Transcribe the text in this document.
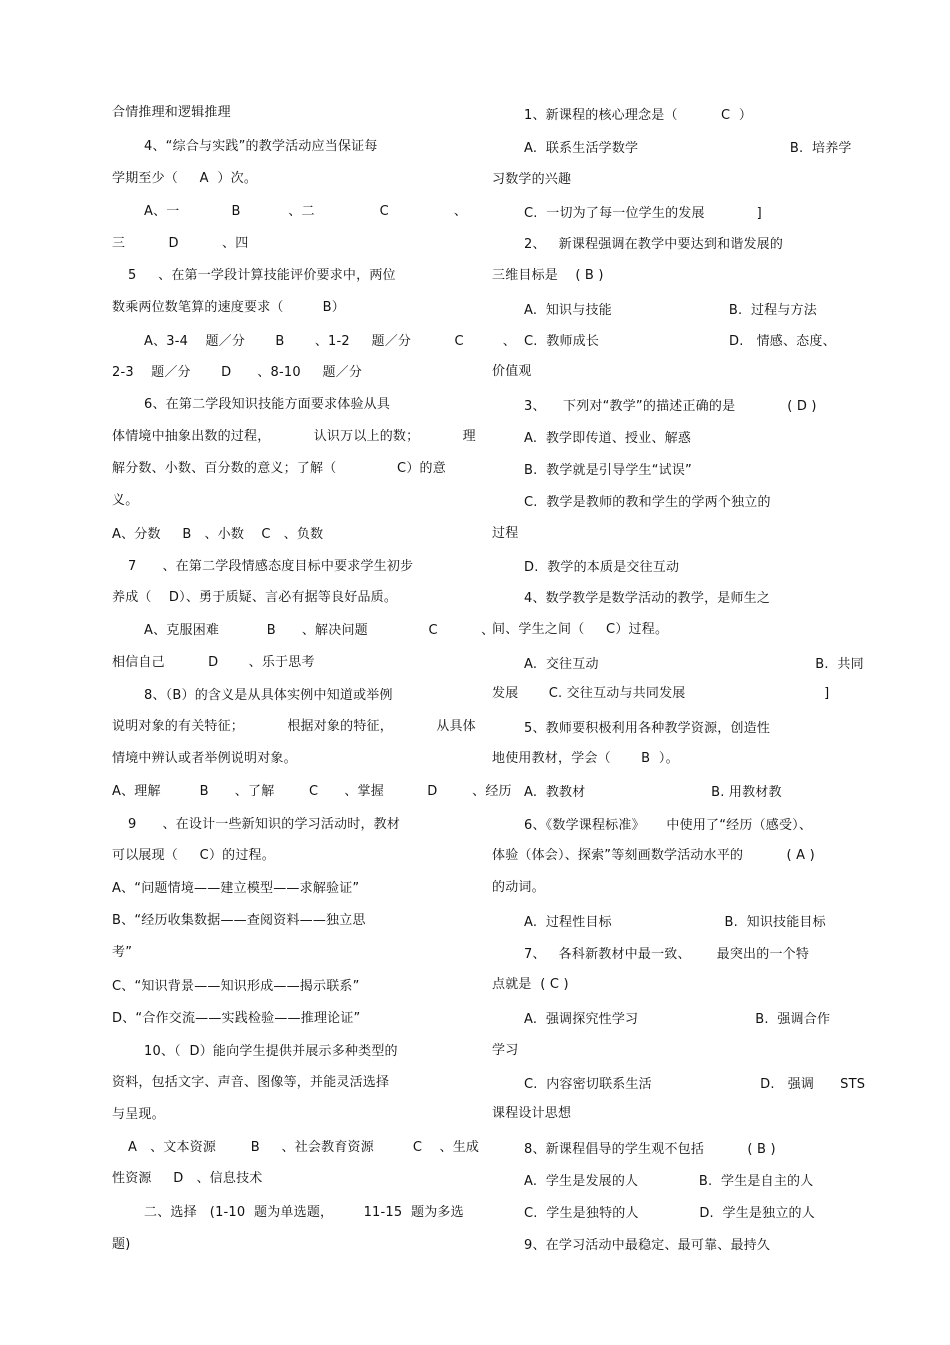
合情推理和逻辑推理
4、“综合与实践”的教学活动应当保证每
学期至少（     A  ）次。
A、一            B           、二               C               、
三          D          、四
5     、在第一学段计算技能评价要求中，两位
数乘两位数笔算的速度要求（         B）
A、3-4    题／分       B       、1-2     题／分          C         、
2-3    题／分       D      、8-10     题／分
6、在第二学段知识技能方面要求体验从具
体情境中抽象出数的过程，          认识万以上的数；          理
解分数、小数、百分数的意义；了解（              C）的意
义。
A、分数     B   、小数    C   、负数
7      、在第二学段情感态度目标中要求学生初步
养成（    D）、勇于质疑、言必有据等良好品质。
A、克服困难           B      、解决问题              C          、
相信自己          D       、乐于思考
8、（B）的含义是从具体实例中知道或举例
说明对象的有关特征；          根据对象的特征，          从具体
情境中辨认或者举例说明对象。
A、理解         B      、了解        C      、掌握          D        、经历
9      、在设计一些新知识的学习活动时，教材
可以展现（     C）的过程。
A、“问题情境——建立模型——求解验证”
B、“经历收集数据——查阅资料——独立思
考”
C、“知识背景——知识形成——揭示联系”
D、“合作交流——实践检验——推理论证”
10、（  D）能向学生提供并展示多种类型的
资料，包括文字、声音、图像等，并能灵活选择
与呈现。
A   、文本资源        B     、社会教育资源         C    、生成
性资源     D   、信息技术
二、选择   (1-10  题为单选题，       11-15  题为多选
题)
1、新课程的核心理念是（          C  ）
A.  联系生活学数学                                   B.  培养学
习数学的兴趣
C.  一切为了每一位学生的发展            ]
2、   新课程强调在教学中要达到和谐发展的
三维目标是    ( B )
A.  知识与技能                           B.  过程与方法
C.  教师成长                              D.   情感、态度、
价值观
3、    下列对“教学”的描述正确的是            ( D )
A.  教学即传道、授业、解惑
B.  教学就是引导学生“试误”
C.  教学是教师的教和学生的学两个独立的
过程
D.  教学的本质是交往互动
4、数学教学是数学活动的教学，是师生之
间、学生之间（     C）过程。
A.  交往互动                                                  B.  共同
发展       C. 交往互动与共同发展                                ]
5、教师要积极利用各种教学资源，创造性
地使用教材，学会（       B  ）。
A.  教教材                             B. 用教材教
6、《数学课程标准》     中使用了“经历（感受）、
体验（体会）、探索”等刻画数学活动水平的          ( A )
的动词。
A.  过程性目标                          B.  知识技能目标
7、   各科新教材中最一致、      最突出的一个特
点就是  ( C )
A.  强调探究性学习                           B.  强调合作
学习
C.  内容密切联系生活                         D.   强调      STS
课程设计思想
8、新课程倡导的学生观不包括          ( B )
A.  学生是发展的人              B.  学生是自主的人
C.  学生是独特的人              D.  学生是独立的人
9、在学习活动中最稳定、最可靠、最持久
